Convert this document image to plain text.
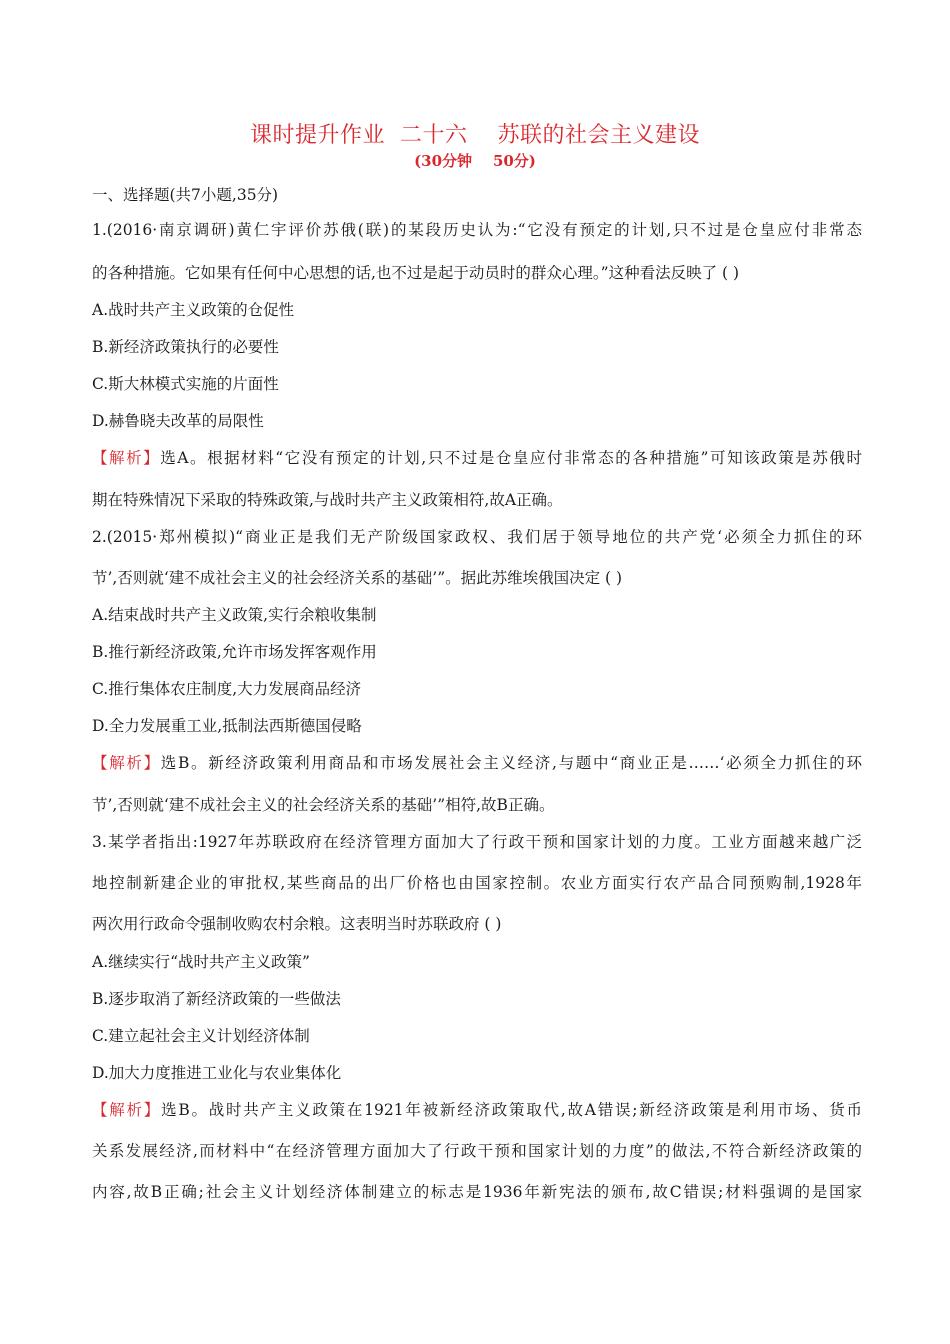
课时提升作业  二十六    苏联的社会主义建设
(30分钟    50分)
一、选择题(共7小题,35分)
1.(2016·南京调研)黄仁宇评价苏俄(联)的某段历史认为:“它没有预定的计划,只不过是仓皇应付非常态
的各种措施。它如果有任何中心思想的话,也不过是起于动员时的群众心理。”这种看法反映了 ( )
A.战时共产主义政策的仓促性
B.新经济政策执行的必要性
C.斯大林模式实施的片面性
D.赫鲁晓夫改革的局限性
【解析】选A。根据材料“它没有预定的计划,只不过是仓皇应付非常态的各种措施”可知该政策是苏俄时
期在特殊情况下采取的特殊政策,与战时共产主义政策相符,故A正确。
2.(2015·郑州模拟)“商业正是我们无产阶级国家政权、我们居于领导地位的共产党‘必须全力抓住的环
节’,否则就‘建不成社会主义的社会经济关系的基础’”。据此苏维埃俄国决定 ( )
A.结束战时共产主义政策,实行余粮收集制
B.推行新经济政策,允许市场发挥客观作用
C.推行集体农庄制度,大力发展商品经济
D.全力发展重工业,抵制法西斯德国侵略
【解析】选B。新经济政策利用商品和市场发展社会主义经济,与题中“商业正是……‘必须全力抓住的环
节’,否则就‘建不成社会主义的社会经济关系的基础’”相符,故B正确。
3.某学者指出:1927年苏联政府在经济管理方面加大了行政干预和国家计划的力度。工业方面越来越广泛
地控制新建企业的审批权,某些商品的出厂价格也由国家控制。农业方面实行农产品合同预购制,1928年
两次用行政命令强制收购农村余粮。这表明当时苏联政府 ( )
A.继续实行“战时共产主义政策”
B.逐步取消了新经济政策的一些做法
C.建立起社会主义计划经济体制
D.加大力度推进工业化与农业集体化
【解析】选B。战时共产主义政策在1921年被新经济政策取代,故A错误;新经济政策是利用市场、货币
关系发展经济,而材料中“在经济管理方面加大了行政干预和国家计划的力度”的做法,不符合新经济政策的
内容,故B正确;社会主义计划经济体制建立的标志是1936年新宪法的颁布,故C错误;材料强调的是国家
